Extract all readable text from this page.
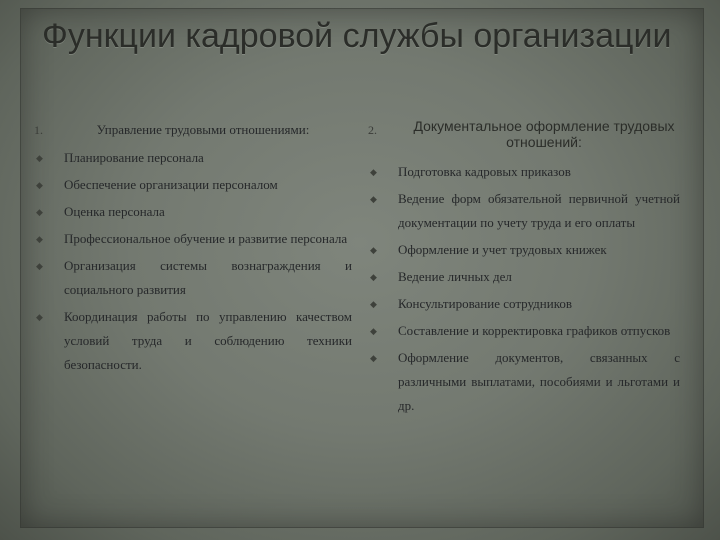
Функции кадровой службы организации
1.	Управление трудовыми отношениями:
◆ Планирование персонала
◆ Обеспечение организации персоналом
◆ Оценка персонала
◆ Профессиональное обучение и развитие персонала
◆ Организация системы вознаграждения и социального развития
◆ Координация работы по управлению качеством условий труда и соблюдению техники безопасности.
2.	Документальное оформление трудовых отношений:
◆ Подготовка кадровых приказов
◆ Ведение форм обязательной первичной учетной документации по учету труда и его оплаты
◆ Оформление и учет трудовых книжек
◆ Ведение личных дел
◆ Консультирование сотрудников
◆ Составление и корректировка графиков отпусков
◆ Оформление документов, связанных с различными выплатами, пособиями и льготами и др.
